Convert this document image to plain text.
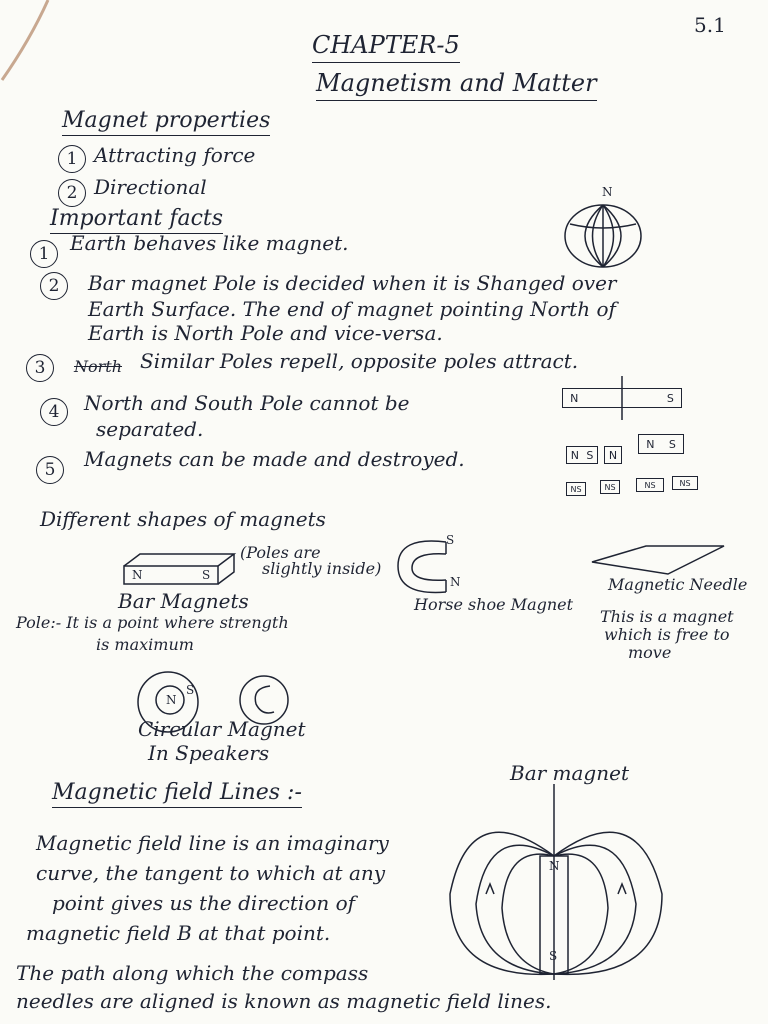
5.1
CHAPTER-5
Magnetism and Matter
Magnet properties
1 Attracting force
2 Directional
Important facts
N
1	Earth behaves like magnet.
2	Bar magnet Pole is decided when it is Shanged over
Earth Surface. The end of magnet pointing North of
Earth is North Pole and vice-versa.
3	North Similar Poles repell, opposite poles attract.
4	North and South Pole cannot be
separated.
N	S
5	Magnets can be made and destroyed.	N S N
N S
NS	NS	NS	NS
Different shapes of magnets
N	S
(Poles are
slightly inside)
Bar Magnets
Pole:- It is a point where strength
is maximum
S
N
Horse shoe Magnet
Magnetic Needle
This is a magnet
which is free to
move
N
S
Circular Magnet
In Speakers
Magnetic field Lines :-
Bar magnet
Magnetic field line is an imaginary
curve, the tangent to which at any
point gives us the direction of
magnetic field B at that point.
The path along which the compass
needles are aligned is known as magnetic field lines.
N
S
